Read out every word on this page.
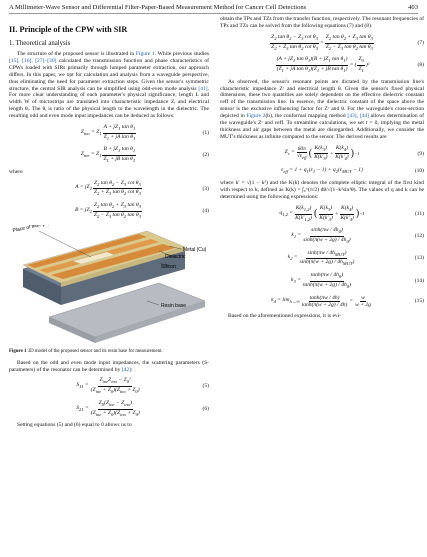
A Millimeter-Wave Sensor and Differential Filter-Paper-Based Measurement Method for Cancer Cell Detections	403
II. Principle of the CPW with SIR
1. Theoretical analysis

The structure of the proposed sensor is illustrated in Figure 1. While previous studies [15], [16], [27]–[30] calculated the transmission function and phase characteristics of CPWs loaded with SIRs primarily through lumped parameter extraction, our approach differs. In this paper, we opt for calculation and analysis from a waveguide perspective, thus eliminating the need for parameter extraction steps. Given the sensor's symmetric structure, the central SIR analysis can be simplified using odd-even mode analysis [41]. For more clear understanding of each parameter's physical significance, length L and width W of microstrips are translated into characteristic impedance Zᵢ and electrical length θᵢ. The θᵢ is ratio of the physical length to the wavelength in the dielectric. The resulting odd and even mode input impedances can be deduced as follows:

$Z_{ino} = Z_1 \frac{A + jZ_1 \tan \theta_1}{Z_1 + jA \tan \theta_1}$	(1)
$Z_{ine} = Z_1 \frac{B + jZ_1 \tan \theta_1}{Z_1 + jB \tan \theta_1}$	(2)

where

$A = jZ_2 \frac{Z_2 \tan \theta_2 - Z_3 \cot \theta_3}{Z_2 + Z_3 \tan \theta_2 \cot \theta_3}$	(3)
$B = jZ_2 \frac{Z_2 \tan \theta_2 + Z_3 \tan \theta_3}{Z_2 - Z_3 \tan \theta_2 \tan \theta_3}$	(4)
Place of filter paper
Metal (Cu)
Dielectric
Silicon
Resin base

Figure 1 3D model of the proposed sensor and its resin base for measurement.

Based on the odd and even mode input impedances, the scattering parameters (S-parameters) of the resonator can be determined by [42]:

$S_{11} = \frac{Z_{ine}Z_{ino} - Z_0^2}{(Z_{ine} + Z_0)(Z_{ino} + Z_0)}$	(5)
$S_{21} = \frac{Z_0(Z_{ine} - Z_{ino})}{(Z_{ine} + Z_0)(Z_{ino} + Z_0)}$	(6)

Setting equations (5) and (6) equal to 0 allows us to

obtain the TPs and TZs from the transfer function, respectively. The resonant frequencies of TPs and TZs can be solved from the following equations (7) and (8).

$\frac{Z_2 \tan \theta_2 - Z_3 \cot \theta_3}{Z_2 + Z_3 \tan \theta_2 \cot \theta_3} = \frac{Z_2 \tan \theta_2 + Z_3 \tan \theta_3}{Z_2 - Z_3 \tan \theta_2 \tan \theta_3}$	(7)
$\frac{(A + jZ_1 \tan \theta_1)(B + jZ_1 \tan \theta_1)}{(Z_1 + jA \tan \theta_1)(Z_1 + jB \tan \theta_1)}$ = ( $\frac{Z_0}{Z_1} )^2$	(8)

As observed, the sensor's resonant points are dictated by the transmission line's characteristic impedance Zᶜ and electrical length θ. Given the sensor's fixed physical dimensions, these two quantities are solely dependent on the effective dielectric constant εeff of the transmission line. In essence, the dielectric constant of the space above the sensor is the exclusive influencing factor for Zᶜ and θ. For the waveguide's cross-section depicted in Figure 2(b), the conformal mapping method [43], [44] allows determination of the waveguide's Zᶜ and εeff. To streamline calculations, we set t = 0, implying the metal thickness and air gaps between the metal are disregarded. Additionally, we consider the MUT's thickness as infinite compared to the sensor. The derived results are

$Z_c = \frac{60\pi}{√\varepsilon_{eff}}$ ( $\frac{K(k_3)}{K(k'_3)} + \frac{K(k_4)}{K(k'_4)}$ ) −1	(9)
$\varepsilon_{eff} = 1 + q_1(\varepsilon_1 - 1) + q_2(\varepsilon_{MUT} - 1)$	(10)

where k′ = √(1 − k²) and the K(k) denotes the complete elliptic integral of the first kind with respect to k, defined as K(k) = ∫₀^(π/2) dθ/√(1−k²sin²θ). The values of q and k can be determined using the following expressions:

$q_{1,2} = \frac{K(k_{1,2})}{K(k'_{1,2})}$ ( $\frac{K(k_3)}{K(k'_3)} + \frac{K(k_4)}{K(k'_4)}$ ) −1	(11)
$k_1 = \frac{\sinh(\pi w / 4h_0)}{\sinh(\pi(w + 2g) / 4h_0)}$	(12)
$k_2 = \frac{\sinh(\pi w / 4h_{MUT})}{\sinh(\pi(w + 2g) / 4h_{MUT})}$	(13)
$k_3 = \frac{\tanh(\pi w / 4h_0)}{\tanh(\pi(w + 2g) / 4h_0)}$	(14)
$k_4 = \lim_{h\to\infty} \frac{\tanh(\pi w / 4h)}{\tanh(\pi(w + 2g) / 4h)} = \frac{w}{w + 2g}$	(15)

Based on the aforementioned expressions, it is evi-
